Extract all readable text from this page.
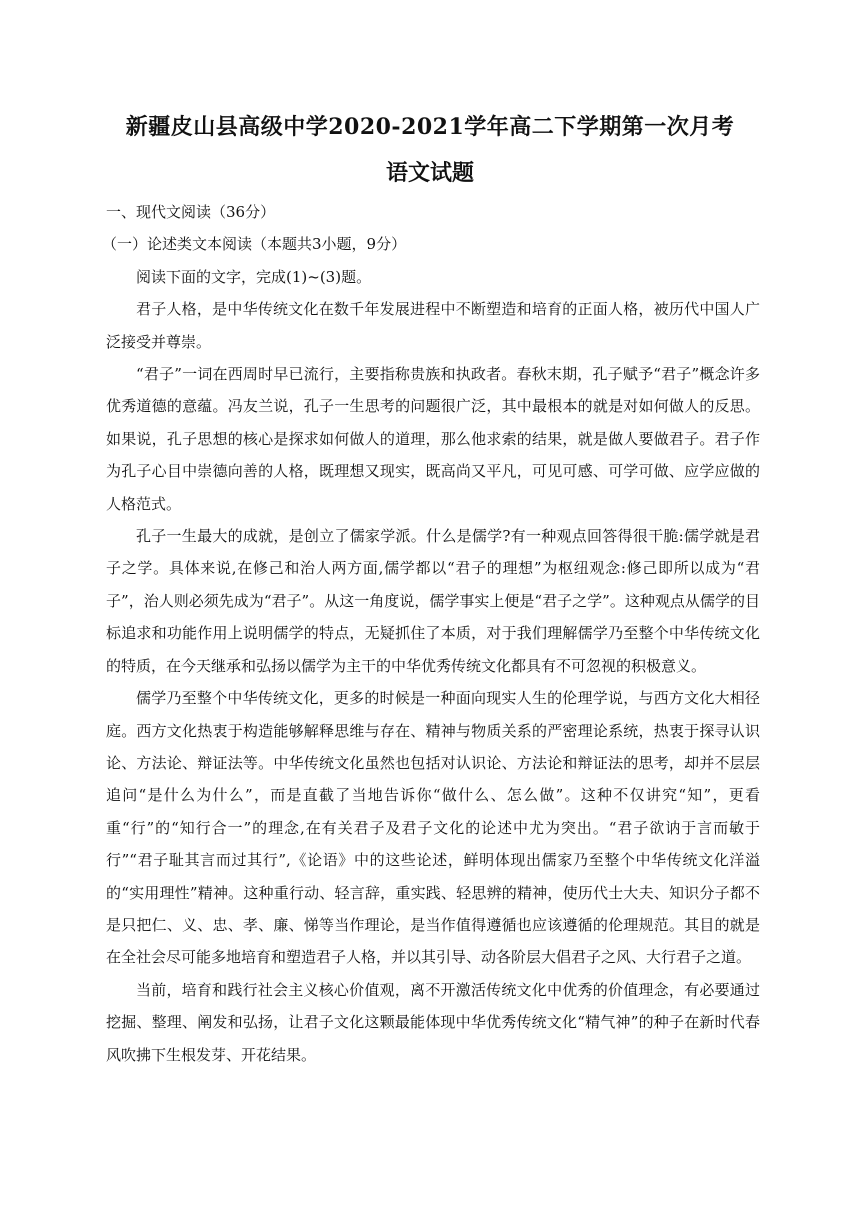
新疆皮山县高级中学2020-2021学年高二下学期第一次月考
语文试题

一、现代文阅读（36分）

（一）论述类文本阅读（本题共3小题，9分）

阅读下面的文字，完成(1)~(3)题。

君子人格，是中华传统文化在数千年发展进程中不断塑造和培育的正面人格，被历代中国人广泛接受并尊崇。

“君子”一词在西周时早已流行，主要指称贵族和执政者。春秋末期，孔子赋予“君子”概念许多优秀道德的意蕴。冯友兰说，孔子一生思考的问题很广泛，其中最根本的就是对如何做人的反思。如果说，孔子思想的核心是探求如何做人的道理，那么他求索的结果，就是做人要做君子。君子作为孔子心目中崇德向善的人格，既理想又现实，既高尚又平凡，可见可感、可学可做、应学应做的人格范式。

孔子一生最大的成就，是创立了儒家学派。什么是儒学?有一种观点回答得很干脆:儒学就是君子之学。具体来说,在修己和治人两方面,儒学都以“君子的理想”为枢纽观念:修己即所以成为“君子”，治人则必须先成为“君子”。从这一角度说，儒学事实上便是“君子之学”。这种观点从儒学的目标追求和功能作用上说明儒学的特点，无疑抓住了本质，对于我们理解儒学乃至整个中华传统文化的特质，在今天继承和弘扬以儒学为主干的中华优秀传统文化都具有不可忽视的积极意义。

儒学乃至整个中华传统文化，更多的时候是一种面向现实人生的伦理学说，与西方文化大相径庭。西方文化热衷于构造能够解释思维与存在、精神与物质关系的严密理论系统，热衷于探寻认识论、方法论、辩证法等。中华传统文化虽然也包括对认识论、方法论和辩证法的思考，却并不层层追问“是什么为什么”，而是直截了当地告诉你“做什么、怎么做”。这种不仅讲究“知”，更看重“行”的“知行合一”的理念,在有关君子及君子文化的论述中尤为突出。“君子欲讷于言而敏于行”“君子耻其言而过其行”,《论语》中的这些论述，鲜明体现出儒家乃至整个中华传统文化洋溢的“实用理性”精神。这种重行动、轻言辞，重实践、轻思辨的精神，使历代士大夫、知识分子都不是只把仁、义、忠、孝、廉、悌等当作理论，是当作值得遵循也应该遵循的伦理规范。其目的就是在全社会尽可能多地培育和塑造君子人格，并以其引导、动各阶层大倡君子之风、大行君子之道。

当前，培育和践行社会主义核心价值观，离不开激活传统文化中优秀的价值理念，有必要通过挖掘、整理、阐发和弘扬，让君子文化这颗最能体现中华优秀传统文化“精气神”的种子在新时代春风吹拂下生根发芽、开花结果。
